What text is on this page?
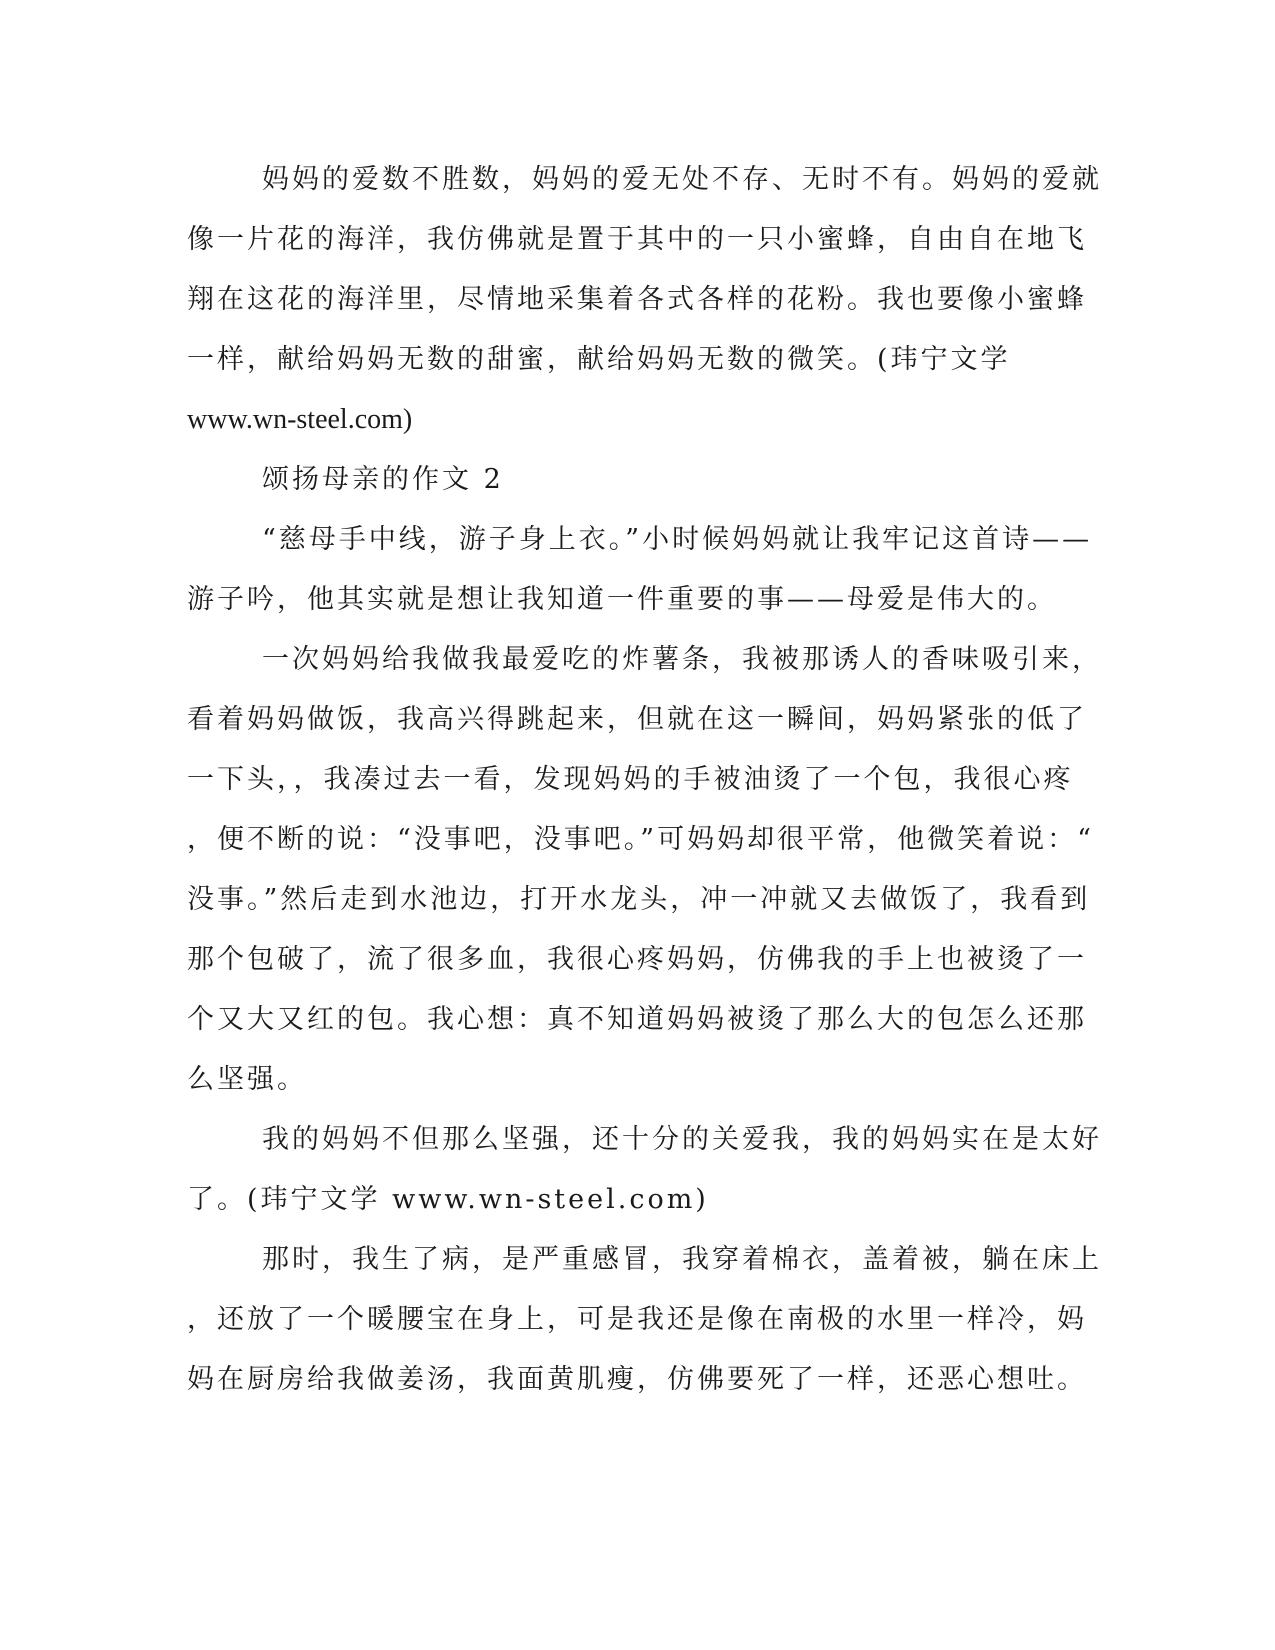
妈妈的爱数不胜数，妈妈的爱无处不存、无时不有。妈妈的爱就

像一片花的海洋，我仿佛就是置于其中的一只小蜜蜂，自由自在地飞

翔在这花的海洋里，尽情地采集着各式各样的花粉。我也要像小蜜蜂

一样，献给妈妈无数的甜蜜，献给妈妈无数的微笑。(玮宁文学

www.wn-steel.com)

颂扬母亲的作文 2

“慈母手中线，游子身上衣。”小时候妈妈就让我牢记这首诗——

游子吟，他其实就是想让我知道一件重要的事——母爱是伟大的。

一次妈妈给我做我最爱吃的炸薯条，我被那诱人的香味吸引来，

看着妈妈做饭，我高兴得跳起来，但就在这一瞬间，妈妈紧张的低了

一下头，，我凑过去一看，发现妈妈的手被油烫了一个包，我很心疼

，便不断的说：“没事吧，没事吧。”可妈妈却很平常，他微笑着说：“

没事。”然后走到水池边，打开水龙头，冲一冲就又去做饭了，我看到

那个包破了，流了很多血，我很心疼妈妈，仿佛我的手上也被烫了一

个又大又红的包。我心想：真不知道妈妈被烫了那么大的包怎么还那

么坚强。

我的妈妈不但那么坚强，还十分的关爱我，我的妈妈实在是太好

了。(玮宁文学 www.wn-steel.com)

那时，我生了病，是严重感冒，我穿着棉衣，盖着被，躺在床上

，还放了一个暖腰宝在身上，可是我还是像在南极的水里一样冷，妈

妈在厨房给我做姜汤，我面黄肌瘦，仿佛要死了一样，还恶心想吐。
